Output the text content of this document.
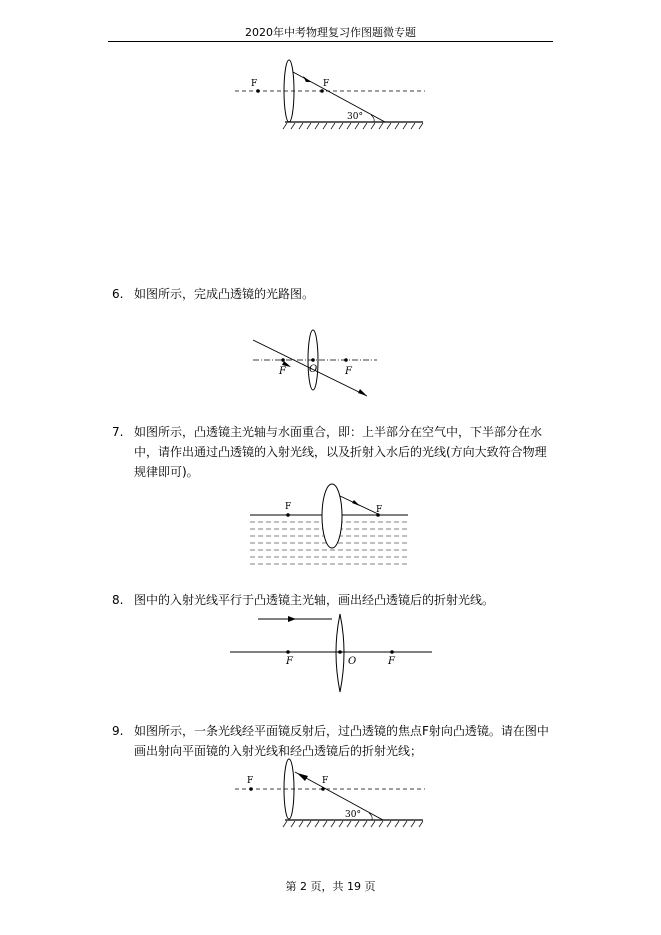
2020年中考物理复习作图题微专题
F	F
30°
6. 如图所示，完成凸透镜的光路图。
F O	F
7. 如图所示，凸透镜主光轴与水面重合，即：上半部分在空气中，下半部分在水中，请作出通过凸透镜的入射光线，以及折射入水后的光线(方向大致符合物理规律即可)。
F	F
8. 图中的入射光线平行于凸透镜主光轴，画出经凸透镜后的折射光线。
F	O	F
9. 如图所示，一条光线经平面镜反射后，过凸透镜的焦点F射向凸透镜。请在图中画出射向平面镜的入射光线和经凸透镜后的折射光线；
F	F
30°
第 2 页，共 19 页
